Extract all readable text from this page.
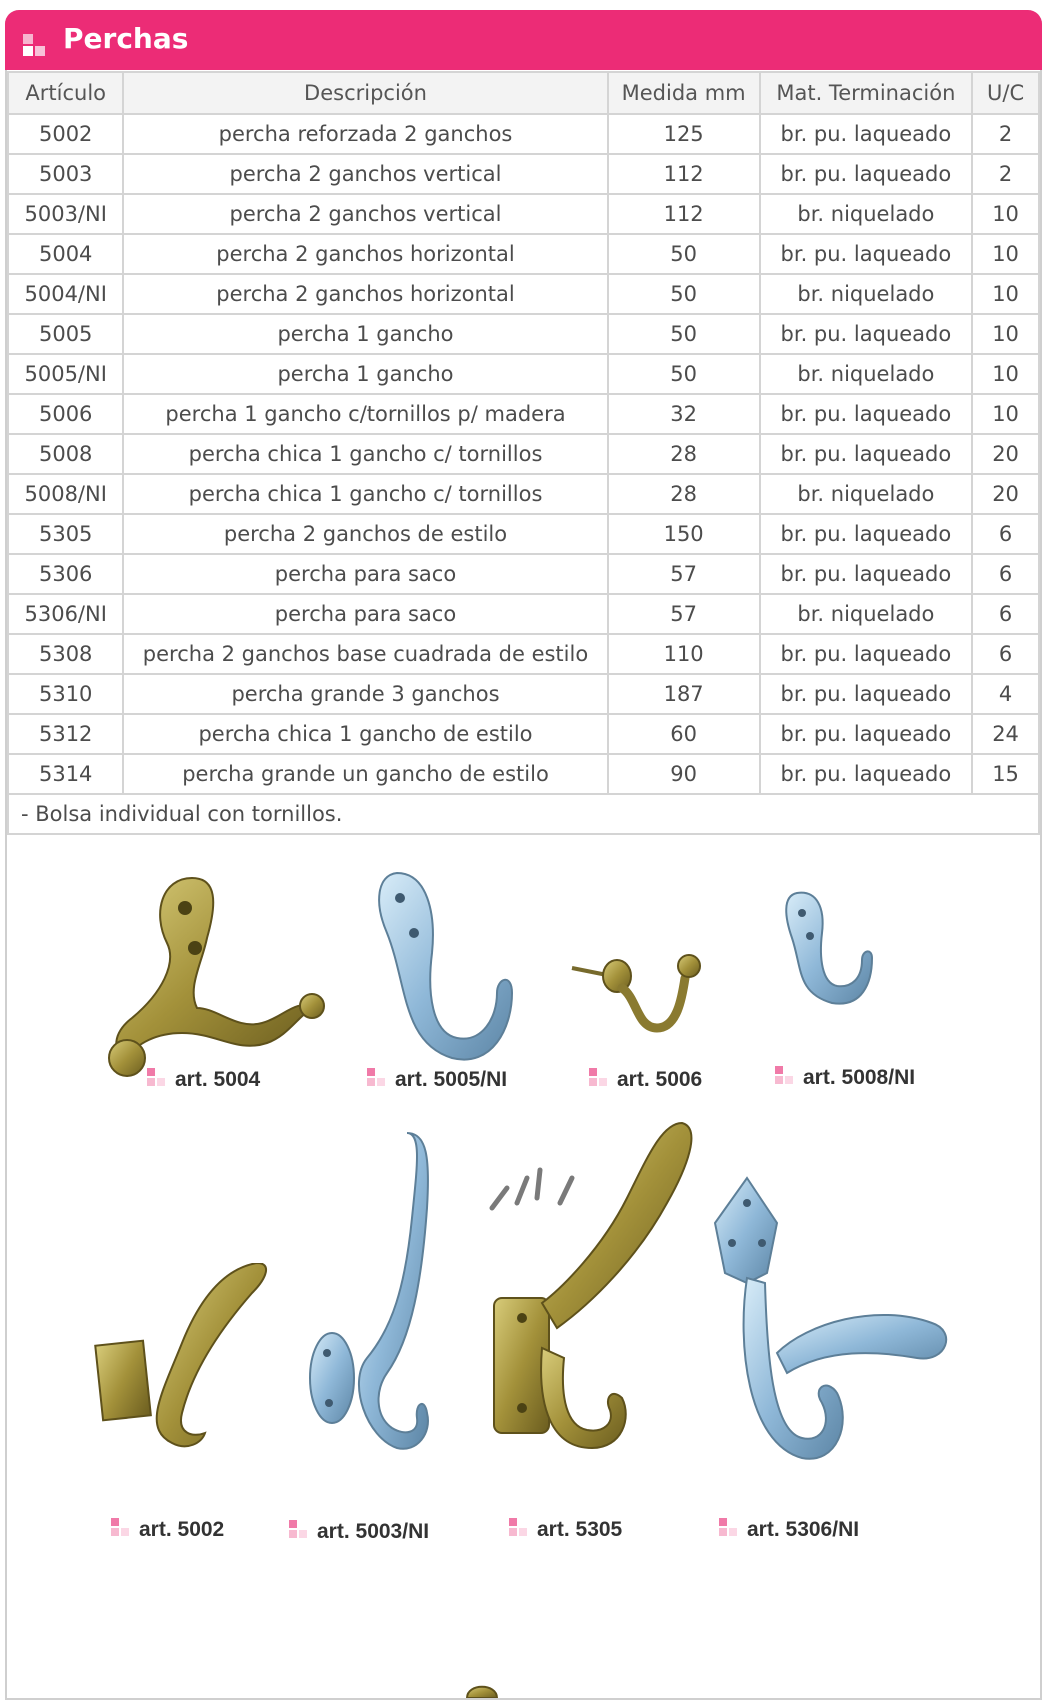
Perchas
Artículo	Descripción	Medida mm	Mat. Terminación	U/C
5002	percha reforzada 2 ganchos	125	br. pu. laqueado	2
5003	percha 2 ganchos vertical	112	br. pu. laqueado	2
5003/NI	percha 2 ganchos vertical	112	br. niquelado	10
5004	percha 2 ganchos horizontal	50	br. pu. laqueado	10
5004/NI	percha 2 ganchos horizontal	50	br. niquelado	10
5005	percha 1 gancho	50	br. pu. laqueado	10
5005/NI	percha 1 gancho	50	br. niquelado	10
5006	percha 1 gancho c/tornillos p/ madera	32	br. pu. laqueado	10
5008	percha chica 1 gancho c/ tornillos	28	br. pu. laqueado	20
5008/NI	percha chica 1 gancho c/ tornillos	28	br. niquelado	20
5305	percha 2 ganchos de estilo	150	br. pu. laqueado	6
5306	percha para saco	57	br. pu. laqueado	6
5306/NI	percha para saco	57	br. niquelado	6
5308	percha 2 ganchos base cuadrada de estilo	110	br. pu. laqueado	6
5310	percha grande 3 ganchos	187	br. pu. laqueado	4
5312	percha chica 1 gancho de estilo	60	br. pu. laqueado	24
5314	percha grande un gancho de estilo	90	br. pu. laqueado	15
- Bolsa individual con tornillos.				
art. 5004	art. 5005/NI	art. 5006	art. 5008/NI
art. 5002	art. 5003/NI	art. 5305	art. 5306/NI
